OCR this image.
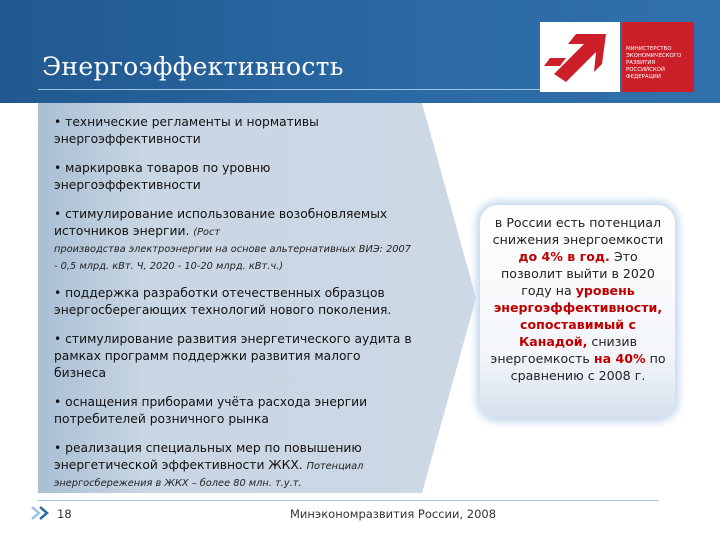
Энергоэффективность
МИНИСТЕРСТВО ЭКОНОМИЧЕСКОГО РАЗВИТИЯ РОССИЙСКОЙ ФЕДЕРАЦИИ
• технические регламенты и нормативы энергоэффективности
• маркировка товаров по уровню энергоэффективности
• стимулирование использование возобновляемых источников энергии. (Рост
производства электроэнергии на основе альтернативных ВИЭ: 2007 - 0,5 млрд. кВт. Ч, 2020 - 10-20 млрд. кВт.ч.)
• поддержка разработки отечественных образцов энергосберегающих технологий нового поколения.
• стимулирование развития энергетического аудита в рамках программ поддержки развития малого бизнеса
• оснащения приборами учёта расхода энергии потребителей розничного рынка
• реализация специальных мер по повышению энергетической эффективности ЖКХ. Потенциал
энергосбережения в ЖКХ – более 80 млн. т.у.т.
в России есть потенциал снижения энергоемкости до 4% в год. Это позволит выйти в 2020 году на уровень энергоэффективности, сопоставимый с Канадой, снизив энергоемкость на 40% по сравнению с 2008 г.
18	Минэкономразвития России, 2008
